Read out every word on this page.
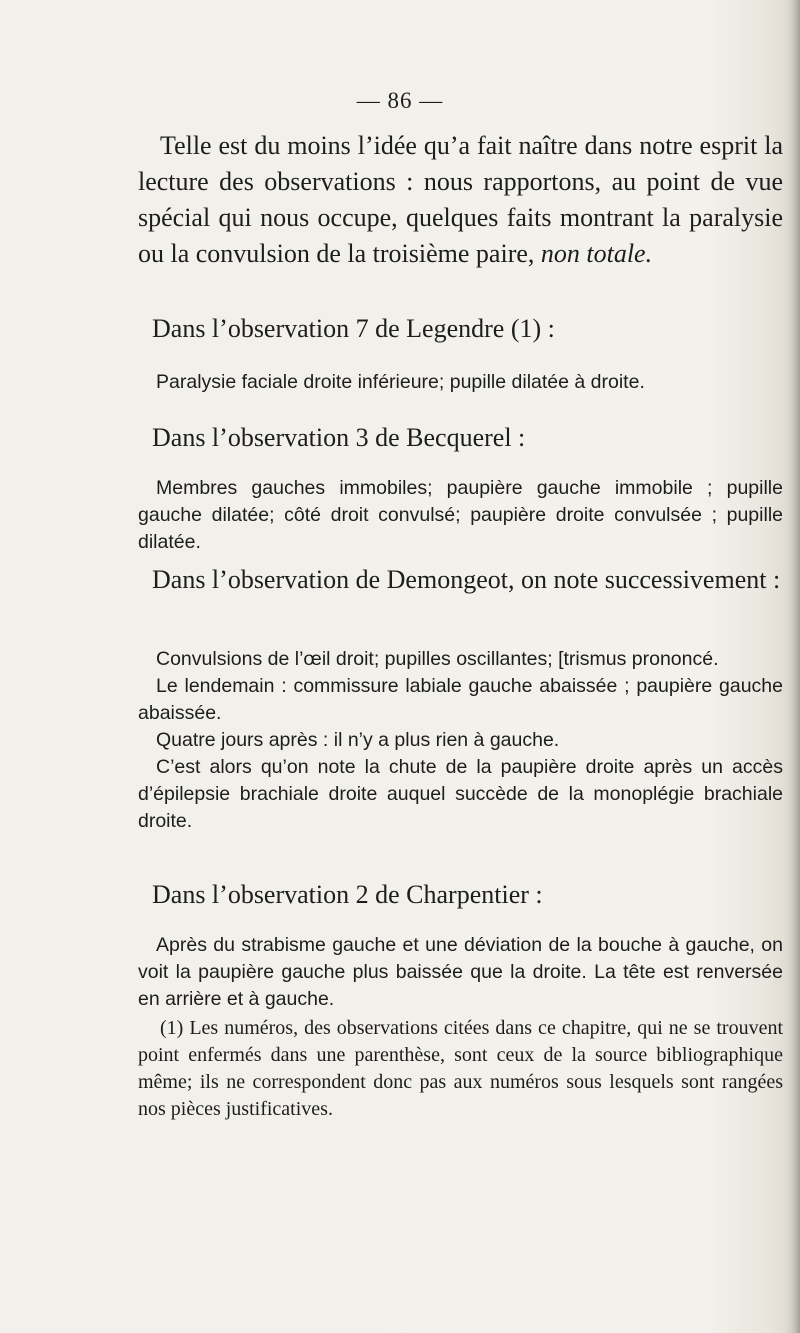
— 86 —

Telle est du moins l’idée qu’a fait naître dans notre esprit la lecture des observations : nous rapportons, au point de vue spécial qui nous occupe, quelques faits montrant la paralysie ou la convulsion de la troisième paire, non totale.

Dans l’observation 7 de Legendre (1) :

Paralysie faciale droite inférieure; pupille dilatée à droite.

Dans l’observation 3 de Becquerel :

Membres gauches immobiles; paupière gauche immobile ; pupille gauche dilatée; côté droit convulsé; paupière droite convulsée ; pupille dilatée.

Dans l’observation de Demongeot, on note successivement :

Convulsions de l’œil droit; pupilles oscillantes; [trismus prononcé.

Le lendemain : commissure labiale gauche abaissée ; paupière gauche abaissée.

Quatre jours après : il n’y a plus rien à gauche.

C’est alors qu’on note la chute de la paupière droite après un accès d’épilepsie brachiale droite auquel succède de la monoplégie brachiale droite.

Dans l’observation 2 de Charpentier :

Après du strabisme gauche et une déviation de la bouche à gauche, on voit la paupière gauche plus baissée que la droite. La tête est renversée en arrière et à gauche.

(1) Les numéros, des observations citées dans ce chapitre, qui ne se trouvent point enfermés dans une parenthèse, sont ceux de la source bibliographique même; ils ne correspondent donc pas aux numéros sous lesquels sont rangées nos pièces justificatives.
